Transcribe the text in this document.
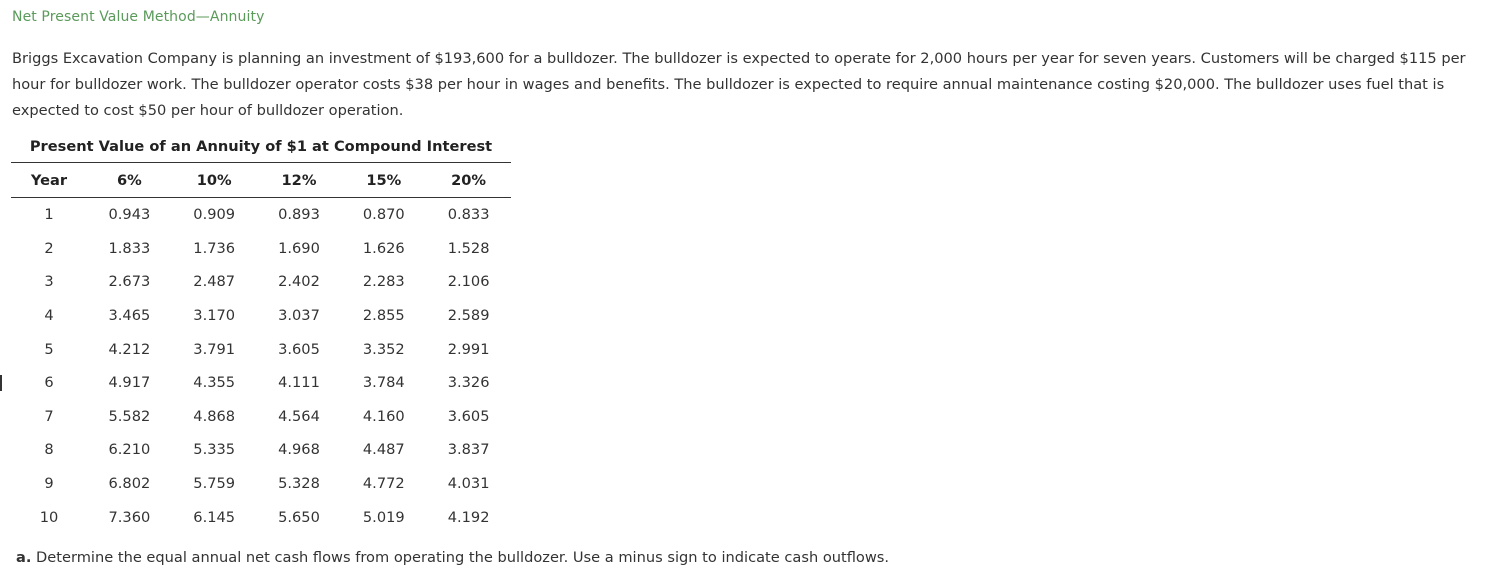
Net Present Value Method—Annuity
Briggs Excavation Company is planning an investment of $193,600 for a bulldozer. The bulldozer is expected to operate for 2,000 hours per year for seven years. Customers will be charged $115 per hour for bulldozer work. The bulldozer operator costs $38 per hour in wages and benefits. The bulldozer is expected to require annual maintenance costing $20,000. The bulldozer uses fuel that is expected to cost $50 per hour of bulldozer operation.
Present Value of an Annuity of $1 at Compound Interest
Year	6%	10%	12%	15%	20%
1	0.943	0.909	0.893	0.870	0.833
2	1.833	1.736	1.690	1.626	1.528
3	2.673	2.487	2.402	2.283	2.106
4	3.465	3.170	3.037	2.855	2.589
5	4.212	3.791	3.605	3.352	2.991
6	4.917	4.355	4.111	3.784	3.326
7	5.582	4.868	4.564	4.160	3.605
8	6.210	5.335	4.968	4.487	3.837
9	6.802	5.759	5.328	4.772	4.031
10	7.360	6.145	5.650	5.019	4.192
a. Determine the equal annual net cash flows from operating the bulldozer. Use a minus sign to indicate cash outflows.
